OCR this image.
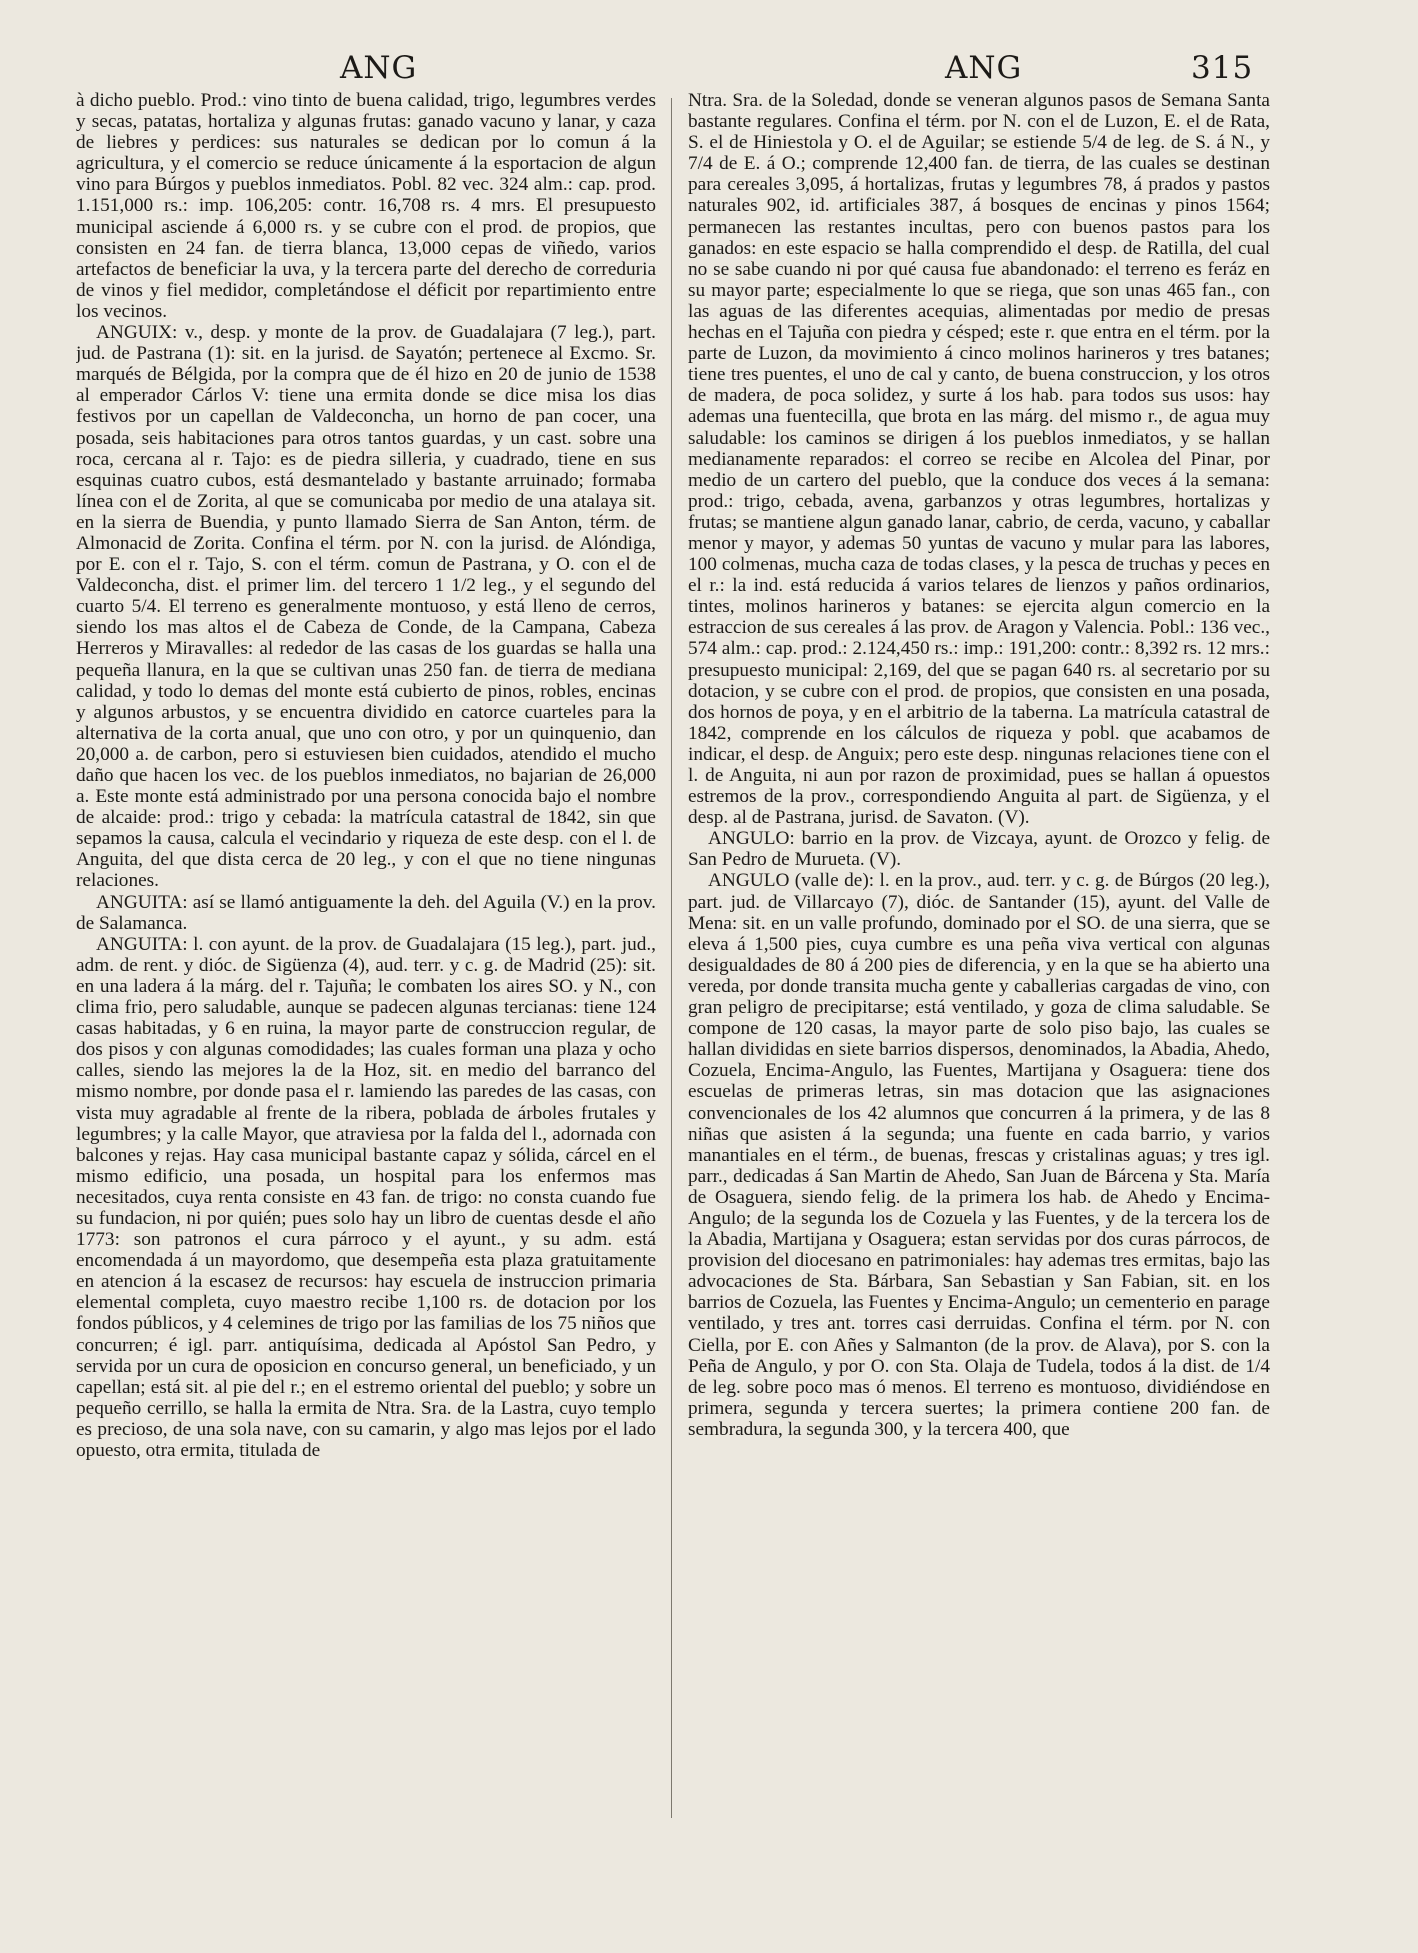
ANG	ANG	315

à dicho pueblo. Prod.: vino tinto de buena calidad, trigo, legumbres verdes y secas, patatas, hortaliza y algunas frutas: ganado vacuno y lanar, y caza de liebres y perdices: sus naturales se dedican por lo comun á la agricultura, y el comercio se reduce únicamente á la esportacion de algun vino para Búrgos y pueblos inmediatos. Pobl. 82 vec. 324 alm.: cap. prod. 1.151,000 rs.: imp. 106,205: contr. 16,708 rs. 4 mrs. El presupuesto municipal asciende á 6,000 rs. y se cubre con el prod. de propios, que consisten en 24 fan. de tierra blanca, 13,000 cepas de viñedo, varios artefactos de beneficiar la uva, y la tercera parte del derecho de correduria de vinos y fiel medidor, completándose el déficit por repartimiento entre los vecinos.

ANGUIX: v., desp. y monte de la prov. de Guadalajara (7 leg.), part. jud. de Pastrana (1): sit. en la jurisd. de Sayatón; pertenece al Excmo. Sr. marqués de Bélgida, por la compra que de él hizo en 20 de junio de 1538 al emperador Cárlos V: tiene una ermita donde se dice misa los dias festivos por un capellan de Valdeconcha, un horno de pan cocer, una posada, seis habitaciones para otros tantos guardas, y un cast. sobre una roca, cercana al r. Tajo: es de piedra silleria, y cuadrado, tiene en sus esquinas cuatro cubos, está desmantelado y bastante arruinado; formaba línea con el de Zorita, al que se comunicaba por medio de una atalaya sit. en la sierra de Buendia, y punto llamado Sierra de San Anton, térm. de Almonacid de Zorita. Confina el térm. por N. con la jurisd. de Alóndiga, por E. con el r. Tajo, S. con el térm. comun de Pastrana, y O. con el de Valdeconcha, dist. el primer lim. del tercero 1 1/2 leg., y el segundo del cuarto 5/4. El terreno es generalmente montuoso, y está lleno de cerros, siendo los mas altos el de Cabeza de Conde, de la Campana, Cabeza Herreros y Miravalles: al rededor de las casas de los guardas se halla una pequeña llanura, en la que se cultivan unas 250 fan. de tierra de mediana calidad, y todo lo demas del monte está cubierto de pinos, robles, encinas y algunos arbustos, y se encuentra dividido en catorce cuarteles para la alternativa de la corta anual, que uno con otro, y por un quinquenio, dan 20,000 a. de carbon, pero si estuviesen bien cuidados, atendido el mucho daño que hacen los vec. de los pueblos inmediatos, no bajarian de 26,000 a. Este monte está administrado por una persona conocida bajo el nombre de alcaide: prod.: trigo y cebada: la matrícula catastral de 1842, sin que sepamos la causa, calcula el vecindario y riqueza de este desp. con el l. de Anguita, del que dista cerca de 20 leg., y con el que no tiene ningunas relaciones.

ANGUITA: así se llamó antiguamente la deh. del Aguila (V.) en la prov. de Salamanca.

ANGUITA: l. con ayunt. de la prov. de Guadalajara (15 leg.), part. jud., adm. de rent. y dióc. de Sigüenza (4), aud. terr. y c. g. de Madrid (25): sit. en una ladera á la márg. del r. Tajuña; le combaten los aires SO. y N., con clima frio, pero saludable, aunque se padecen algunas tercianas: tiene 124 casas habitadas, y 6 en ruina, la mayor parte de construccion regular, de dos pisos y con algunas comodidades; las cuales forman una plaza y ocho calles, siendo las mejores la de la Hoz, sit. en medio del barranco del mismo nombre, por donde pasa el r. lamiendo las paredes de las casas, con vista muy agradable al frente de la ribera, poblada de árboles frutales y legumbres; y la calle Mayor, que atraviesa por la falda del l., adornada con balcones y rejas. Hay casa municipal bastante capaz y sólida, cárcel en el mismo edificio, una posada, un hospital para los enfermos mas necesitados, cuya renta consiste en 43 fan. de trigo: no consta cuando fue su fundacion, ni por quién; pues solo hay un libro de cuentas desde el año 1773: son patronos el cura párroco y el ayunt., y su adm. está encomendada á un mayordomo, que desempeña esta plaza gratuitamente en atencion á la escasez de recursos: hay escuela de instruccion primaria elemental completa, cuyo maestro recibe 1,100 rs. de dotacion por los fondos públicos, y 4 celemines de trigo por las familias de los 75 niños que concurren; é igl. parr. antiquísima, dedicada al Apóstol San Pedro, y servida por un cura de oposicion en concurso general, un beneficiado, y un capellan; está sit. al pie del r.; en el estremo oriental del pueblo; y sobre un pequeño cerrillo, se halla la ermita de Ntra. Sra. de la Lastra, cuyo templo es precioso, de una sola nave, con su camarin, y algo mas lejos por el lado opuesto, otra ermita, titulada de

Ntra. Sra. de la Soledad, donde se veneran algunos pasos de Semana Santa bastante regulares. Confina el térm. por N. con el de Luzon, E. el de Rata, S. el de Hiniestola y O. el de Aguilar; se estiende 5/4 de leg. de S. á N., y 7/4 de E. á O.; comprende 12,400 fan. de tierra, de las cuales se destinan para cereales 3,095, á hortalizas, frutas y legumbres 78, á prados y pastos naturales 902, id. artificiales 387, á bosques de encinas y pinos 1564; permanecen las restantes incultas, pero con buenos pastos para los ganados: en este espacio se halla comprendido el desp. de Ratilla, del cual no se sabe cuando ni por qué causa fue abandonado: el terreno es feráz en su mayor parte; especialmente lo que se riega, que son unas 465 fan., con las aguas de las diferentes acequias, alimentadas por medio de presas hechas en el Tajuña con piedra y césped; este r. que entra en el térm. por la parte de Luzon, da movimiento á cinco molinos harineros y tres batanes; tiene tres puentes, el uno de cal y canto, de buena construccion, y los otros de madera, de poca solidez, y surte á los hab. para todos sus usos: hay ademas una fuentecilla, que brota en las márg. del mismo r., de agua muy saludable: los caminos se dirigen á los pueblos inmediatos, y se hallan medianamente reparados: el correo se recibe en Alcolea del Pinar, por medio de un cartero del pueblo, que la conduce dos veces á la semana: prod.: trigo, cebada, avena, garbanzos y otras legumbres, hortalizas y frutas; se mantiene algun ganado lanar, cabrio, de cerda, vacuno, y caballar menor y mayor, y ademas 50 yuntas de vacuno y mular para las labores, 100 colmenas, mucha caza de todas clases, y la pesca de truchas y peces en el r.: la ind. está reducida á varios telares de lienzos y paños ordinarios, tintes, molinos harineros y batanes: se ejercita algun comercio en la estraccion de sus cereales á las prov. de Aragon y Valencia. Pobl.: 136 vec., 574 alm.: cap. prod.: 2.124,450 rs.: imp.: 191,200: contr.: 8,392 rs. 12 mrs.: presupuesto municipal: 2,169, del que se pagan 640 rs. al secretario por su dotacion, y se cubre con el prod. de propios, que consisten en una posada, dos hornos de poya, y en el arbitrio de la taberna. La matrícula catastral de 1842, comprende en los cálculos de riqueza y pobl. que acabamos de indicar, el desp. de Anguix; pero este desp. ningunas relaciones tiene con el l. de Anguita, ni aun por razon de proximidad, pues se hallan á opuestos estremos de la prov., correspondiendo Anguita al part. de Sigüenza, y el desp. al de Pastrana, jurisd. de Savaton. (V).

ANGULO: barrio en la prov. de Vizcaya, ayunt. de Orozco y felig. de San Pedro de Murueta. (V).

ANGULO (valle de): l. en la prov., aud. terr. y c. g. de Búrgos (20 leg.), part. jud. de Villarcayo (7), dióc. de Santander (15), ayunt. del Valle de Mena: sit. en un valle profundo, dominado por el SO. de una sierra, que se eleva á 1,500 pies, cuya cumbre es una peña viva vertical con algunas desigualdades de 80 á 200 pies de diferencia, y en la que se ha abierto una vereda, por donde transita mucha gente y caballerias cargadas de vino, con gran peligro de precipitarse; está ventilado, y goza de clima saludable. Se compone de 120 casas, la mayor parte de solo piso bajo, las cuales se hallan divididas en siete barrios dispersos, denominados, la Abadia, Ahedo, Cozuela, Encima-Angulo, las Fuentes, Martijana y Osaguera: tiene dos escuelas de primeras letras, sin mas dotacion que las asignaciones convencionales de los 42 alumnos que concurren á la primera, y de las 8 niñas que asisten á la segunda; una fuente en cada barrio, y varios manantiales en el térm., de buenas, frescas y cristalinas aguas; y tres igl. parr., dedicadas á San Martin de Ahedo, San Juan de Bárcena y Sta. María de Osaguera, siendo felig. de la primera los hab. de Ahedo y Encima-Angulo; de la segunda los de Cozuela y las Fuentes, y de la tercera los de la Abadia, Martijana y Osaguera; estan servidas por dos curas párrocos, de provision del diocesano en patrimoniales: hay ademas tres ermitas, bajo las advocaciones de Sta. Bárbara, San Sebastian y San Fabian, sit. en los barrios de Cozuela, las Fuentes y Encima-Angulo; un cementerio en parage ventilado, y tres ant. torres casi derruidas. Confina el térm. por N. con Ciella, por E. con Añes y Salmanton (de la prov. de Alava), por S. con la Peña de Angulo, y por O. con Sta. Olaja de Tudela, todos á la dist. de 1/4 de leg. sobre poco mas ó menos. El terreno es montuoso, dividiéndose en primera, segunda y tercera suertes; la primera contiene 200 fan. de sembradura, la segunda 300, y la tercera 400, que
